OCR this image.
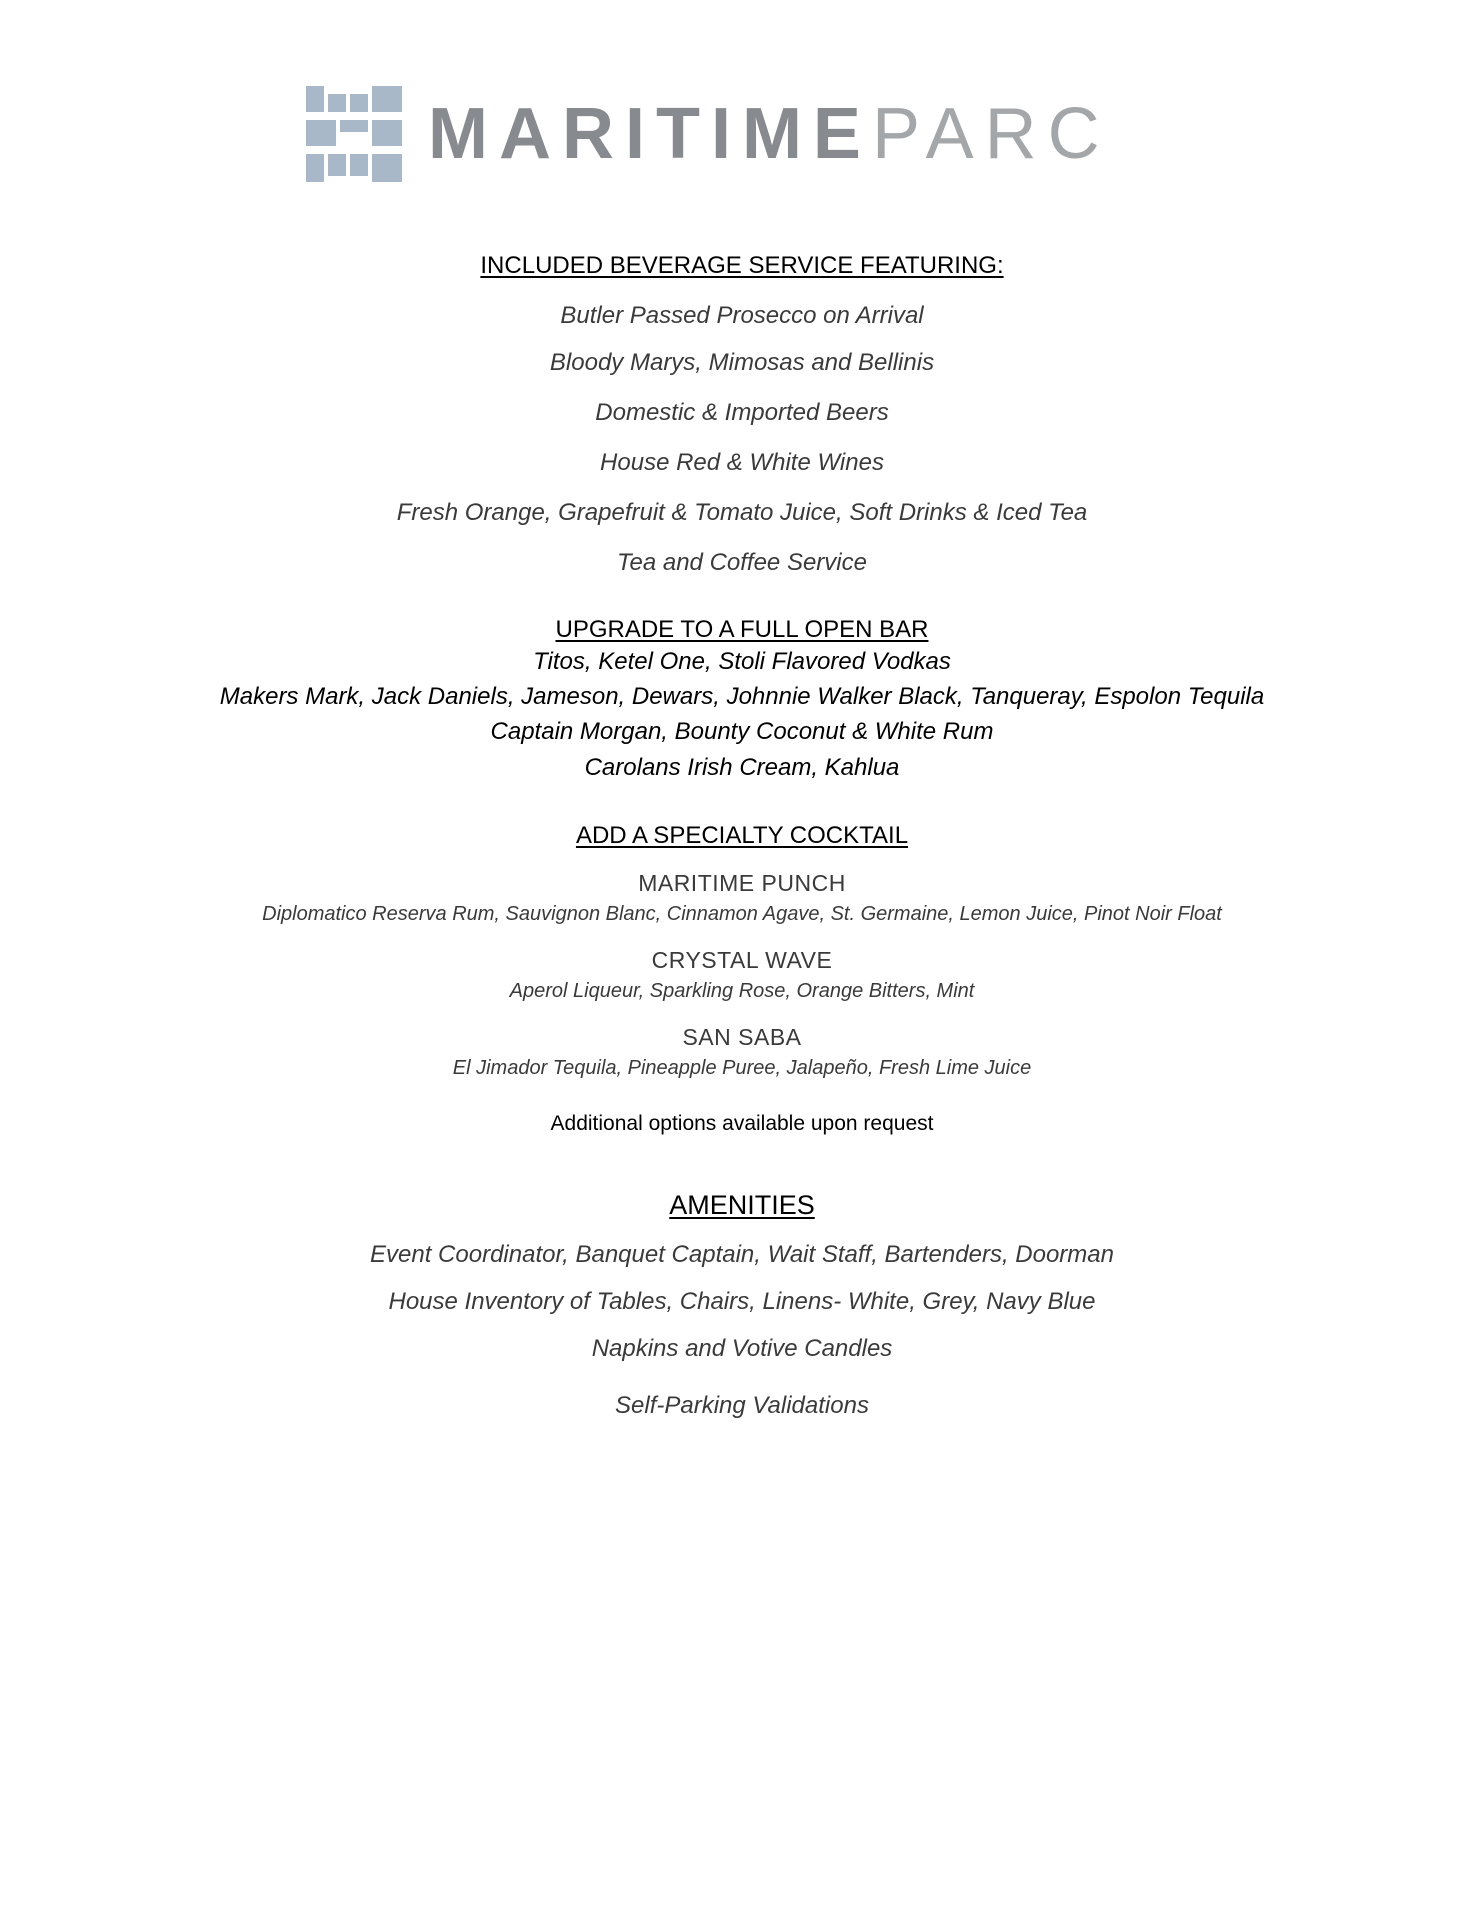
MARITIMEPARC
INCLUDED BEVERAGE SERVICE FEATURING:
Butler Passed Prosecco on Arrival
Bloody Marys, Mimosas and Bellinis
Domestic & Imported Beers
House Red & White Wines
Fresh Orange, Grapefruit & Tomato Juice, Soft Drinks & Iced Tea
Tea and Coffee Service
UPGRADE TO A FULL OPEN BAR
Titos, Ketel One, Stoli Flavored Vodkas
Makers Mark, Jack Daniels, Jameson, Dewars, Johnnie Walker Black, Tanqueray, Espolon Tequila
Captain Morgan, Bounty Coconut & White Rum
Carolans Irish Cream, Kahlua
ADD A SPECIALTY COCKTAIL
MARITIME PUNCH
Diplomatico Reserva Rum, Sauvignon Blanc, Cinnamon Agave, St. Germaine, Lemon Juice, Pinot Noir Float
CRYSTAL WAVE
Aperol Liqueur, Sparkling Rose, Orange Bitters, Mint
SAN SABA
El Jimador Tequila, Pineapple Puree, Jalapeño, Fresh Lime Juice
Additional options available upon request
AMENITIES
Event Coordinator, Banquet Captain, Wait Staff, Bartenders, Doorman
House Inventory of Tables, Chairs, Linens- White, Grey, Navy Blue
Napkins and Votive Candles
Self-Parking Validations
